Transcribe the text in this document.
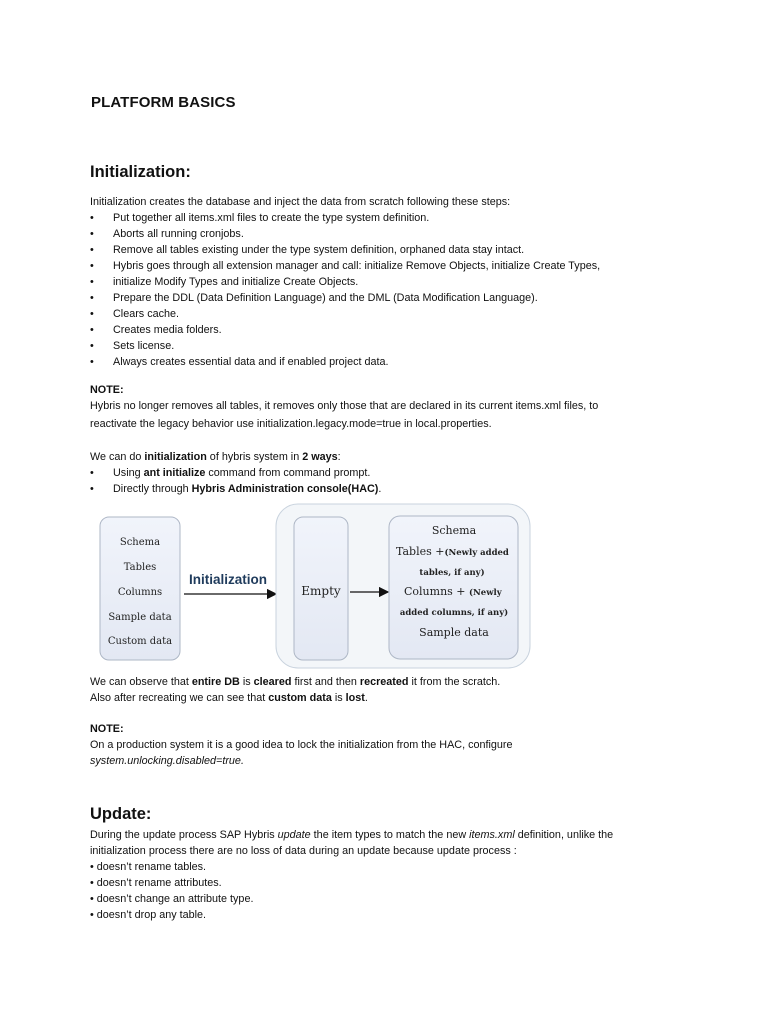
PLATFORM BASICS
Initialization:

Initialization creates the database and inject the data from scratch following these steps:

• Put together all items.xml files to create the type system definition.
• Aborts all running cronjobs.
• Remove all tables existing under the type system definition, orphaned data stay intact.
• Hybris goes through all extension manager and call: initialize Remove Objects, initialize Create Types,
• initialize Modify Types and initialize Create Objects.
• Prepare the DDL (Data Definition Language) and the DML (Data Modification Language).
• Clears cache.
• Creates media folders.
• Sets license.
• Always creates essential data and if enabled project data.

NOTE:

Hybris no longer removes all tables, it removes only those that are declared in its current items.xml files, to

reactivate the legacy behavior use initialization.legacy.mode=true in local.properties.

We can do initialization of hybris system in 2 ways:

• Using ant initialize command from command prompt.
• Directly through Hybris Administration console(HAC).
Schema
Tables
Columns
Sample data
Custom data
Initialization
Empty
Schema
Tables +(Newly added
tables, if any)
Columns + (Newly
added columns, if any)
Sample data

We can observe that entire DB is cleared first and then recreated it from the scratch.

Also after recreating we can see that custom data is lost.

NOTE:

On a production system it is a good idea to lock the initialization from the HAC, configure

system.unlocking.disabled=true.

Update:

During the update process SAP Hybris update the item types to match the new items.xml definition, unlike the

initialization process there are no loss of data during an update because update process :

• doesn’t rename tables.
• doesn’t rename attributes.
• doesn’t change an attribute type.
• doesn’t drop any table.
